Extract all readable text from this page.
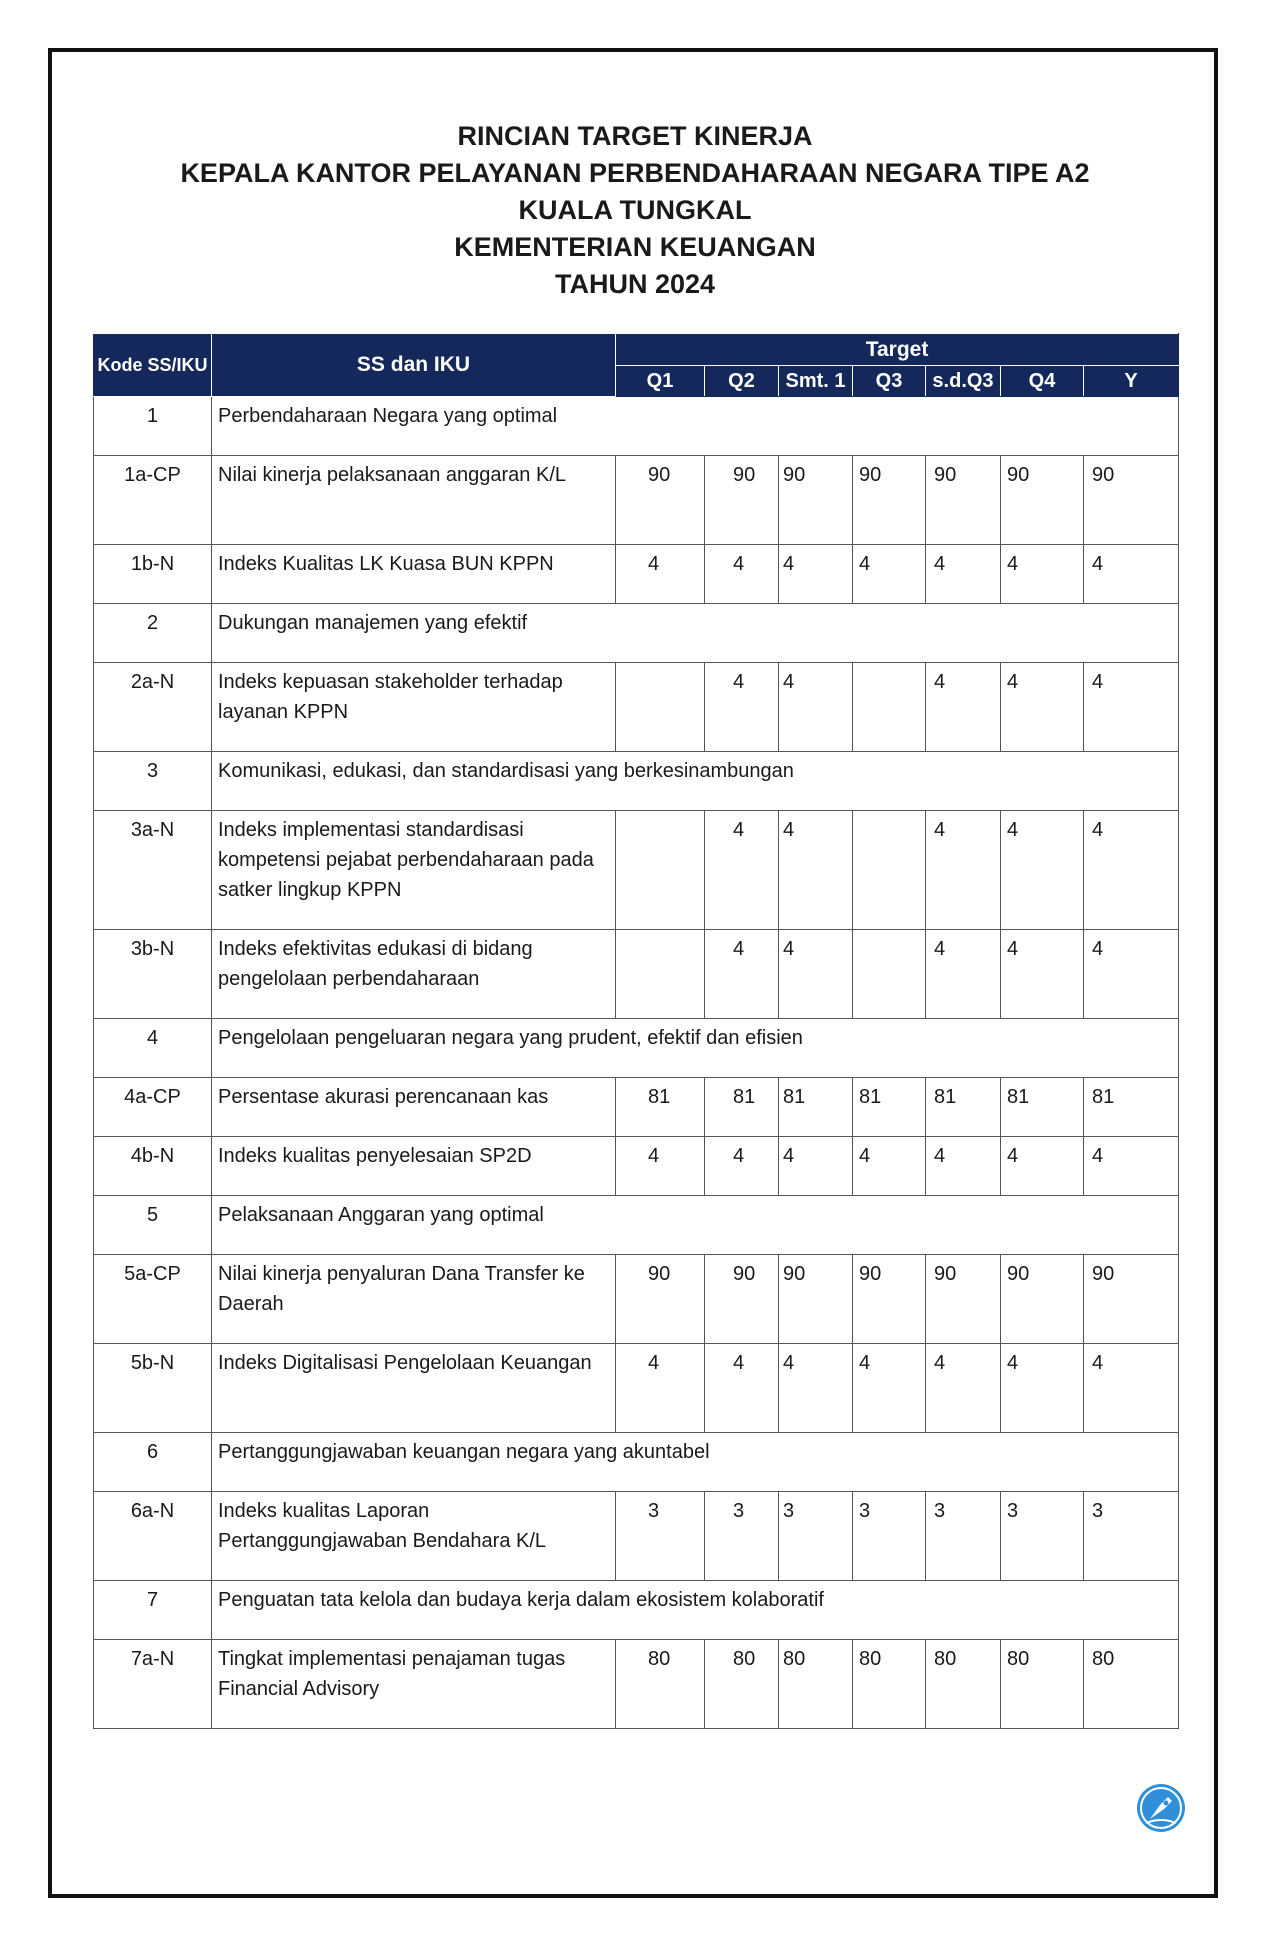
RINCIAN TARGET KINERJA
KEPALA KANTOR PELAYANAN PERBENDAHARAAN NEGARA TIPE A2
KUALA TUNGKAL
KEMENTERIAN KEUANGAN
TAHUN 2024
Kode SS/IKU	SS dan IKU	Target						
		Q1	Q2	Smt. 1	Q3	s.d.Q3	Q4	Y
1	Perbendaharaan Negara yang optimal							
1a-CP	Nilai kinerja pelaksanaan anggaran K/L	90	90	90	90	90	90	90
1b-N	Indeks Kualitas LK Kuasa BUN KPPN	4	4	4	4	4	4	4
2	Dukungan manajemen yang efektif							
2a-N	Indeks kepuasan stakeholder terhadap layanan KPPN		4	4		4	4	4
3	Komunikasi, edukasi, dan standardisasi yang berkesinambungan							
3a-N	Indeks implementasi standardisasi kompetensi pejabat perbendaharaan pada satker lingkup KPPN		4	4		4	4	4
3b-N	Indeks efektivitas edukasi di bidang pengelolaan perbendaharaan		4	4		4	4	4
4	Pengelolaan pengeluaran negara yang prudent, efektif dan efisien							
4a-CP	Persentase akurasi perencanaan kas	81	81	81	81	81	81	81
4b-N	Indeks kualitas penyelesaian SP2D	4	4	4	4	4	4	4
5	Pelaksanaan Anggaran yang optimal							
5a-CP	Nilai kinerja penyaluran Dana Transfer ke Daerah	90	90	90	90	90	90	90
5b-N	Indeks Digitalisasi Pengelolaan Keuangan	4	4	4	4	4	4	4
6	Pertanggungjawaban keuangan negara yang akuntabel							
6a-N	Indeks kualitas Laporan Pertanggungjawaban Bendahara K/L	3	3	3	3	3	3	3
7	Penguatan tata kelola dan budaya kerja dalam ekosistem kolaboratif							
7a-N	Tingkat implementasi penajaman tugas Financial Advisory	80	80	80	80	80	80	80
